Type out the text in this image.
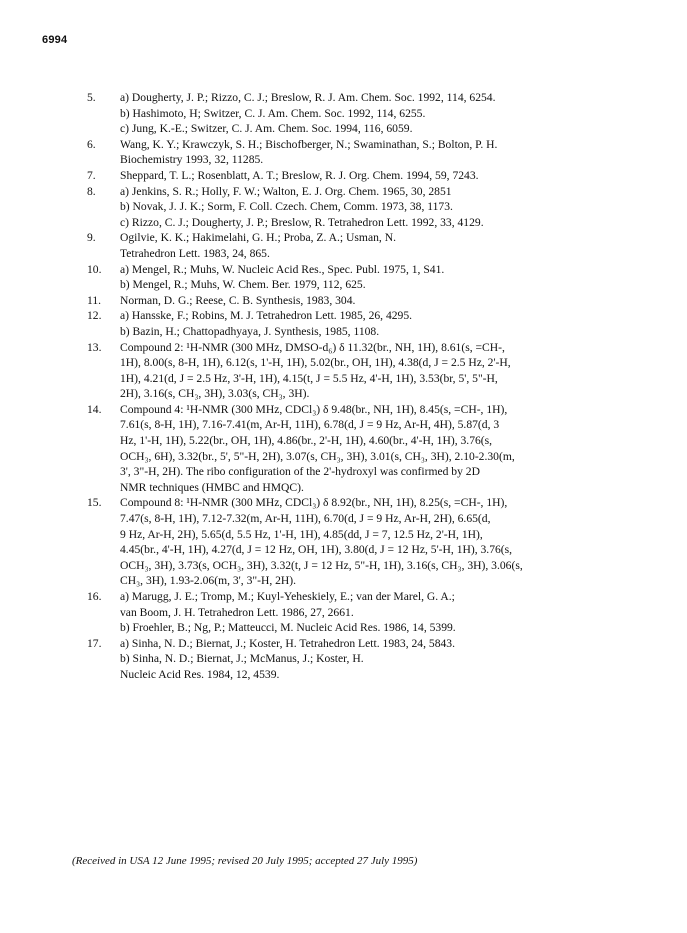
6994
5.	a) Dougherty, J. P.; Rizzo, C. J.; Breslow, R. J. Am. Chem. Soc. 1992, 114, 6254.
b) Hashimoto, H; Switzer, C. J. Am. Chem. Soc. 1992, 114, 6255.
c) Jung, K.-E.; Switzer, C. J. Am. Chem. Soc. 1994, 116, 6059.
6.	Wang, K. Y.; Krawczyk, S. H.; Bischofberger, N.; Swaminathan, S.; Bolton, P. H.
Biochemistry 1993, 32, 11285.
7.	Sheppard, T. L.; Rosenblatt, A. T.; Breslow, R. J. Org. Chem. 1994, 59, 7243.
8.	a) Jenkins, S. R.; Holly, F. W.; Walton, E. J. Org. Chem. 1965, 30, 2851
b) Novak, J. J. K.; Sorm, F. Coll. Czech. Chem, Comm. 1973, 38, 1173.
c) Rizzo, C. J.; Dougherty, J. P.; Breslow, R. Tetrahedron Lett. 1992, 33, 4129.
9.	Ogilvie, K. K.; Hakimelahi, G. H.; Proba, Z. A.; Usman, N.
Tetrahedron Lett. 1983, 24, 865.
10.	a) Mengel, R.; Muhs, W. Nucleic Acid Res., Spec. Publ. 1975, 1, S41.
b) Mengel, R.; Muhs, W. Chem. Ber. 1979, 112, 625.
11.	Norman, D. G.; Reese, C. B. Synthesis, 1983, 304.
12.	a) Hansske, F.; Robins, M. J. Tetrahedron Lett. 1985, 26, 4295.
b) Bazin, H.; Chattopadhyaya, J. Synthesis, 1985, 1108.
13.	Compound 2: ¹H-NMR (300 MHz, DMSO-d₆) δ 11.32(br., NH, 1H), 8.61(s, =CH-,
1H), 8.00(s, 8-H, 1H), 6.12(s, 1'-H, 1H), 5.02(br., OH, 1H), 4.38(d, J = 2.5 Hz, 2'-H,
1H), 4.21(d, J = 2.5 Hz, 3'-H, 1H), 4.15(t, J = 5.5 Hz, 4'-H, 1H), 3.53(br, 5', 5"-H,
2H), 3.16(s, CH₃, 3H), 3.03(s, CH₃, 3H).
14.	Compound 4: ¹H-NMR (300 MHz, CDCl₃) δ 9.48(br., NH, 1H), 8.45(s, =CH-, 1H),
7.61(s, 8-H, 1H), 7.16-7.41(m, Ar-H, 11H), 6.78(d, J = 9 Hz, Ar-H, 4H), 5.87(d, 3
Hz, 1'-H, 1H), 5.22(br., OH, 1H), 4.86(br., 2'-H, 1H), 4.60(br., 4'-H, 1H), 3.76(s,
OCH₃, 6H), 3.32(br., 5', 5"-H, 2H), 3.07(s, CH₃, 3H), 3.01(s, CH₃, 3H), 2.10-2.30(m,
3', 3"-H, 2H). The ribo configuration of the 2'-hydroxyl was confirmed by 2D
NMR techniques (HMBC and HMQC).
15.	Compound 8: ¹H-NMR (300 MHz, CDCl₃) δ 8.92(br., NH, 1H), 8.25(s, =CH-, 1H),
7.47(s, 8-H, 1H), 7.12-7.32(m, Ar-H, 11H), 6.70(d, J = 9 Hz, Ar-H, 2H), 6.65(d,
9 Hz, Ar-H, 2H), 5.65(d, 5.5 Hz, 1'-H, 1H), 4.85(dd, J = 7, 12.5 Hz, 2'-H, 1H),
4.45(br., 4'-H, 1H), 4.27(d, J = 12 Hz, OH, 1H), 3.80(d, J = 12 Hz, 5'-H, 1H), 3.76(s,
OCH₃, 3H), 3.73(s, OCH₃, 3H), 3.32(t, J = 12 Hz, 5"-H, 1H), 3.16(s, CH₃, 3H), 3.06(s,
CH₃, 3H), 1.93-2.06(m, 3', 3"-H, 2H).
16.	a) Marugg, J. E.; Tromp, M.; Kuyl-Yeheskiely, E.; van der Marel, G. A.;
van Boom, J. H. Tetrahedron Lett. 1986, 27, 2661.
b) Froehler, B.; Ng, P.; Matteucci, M. Nucleic Acid Res. 1986, 14, 5399.
17.	a) Sinha, N. D.; Biernat, J.; Koster, H. Tetrahedron Lett. 1983, 24, 5843.
b) Sinha, N. D.; Biernat, J.; McManus, J.; Koster, H.
Nucleic Acid Res. 1984, 12, 4539.
(Received in USA 12 June 1995; revised 20 July 1995; accepted 27 July 1995)
